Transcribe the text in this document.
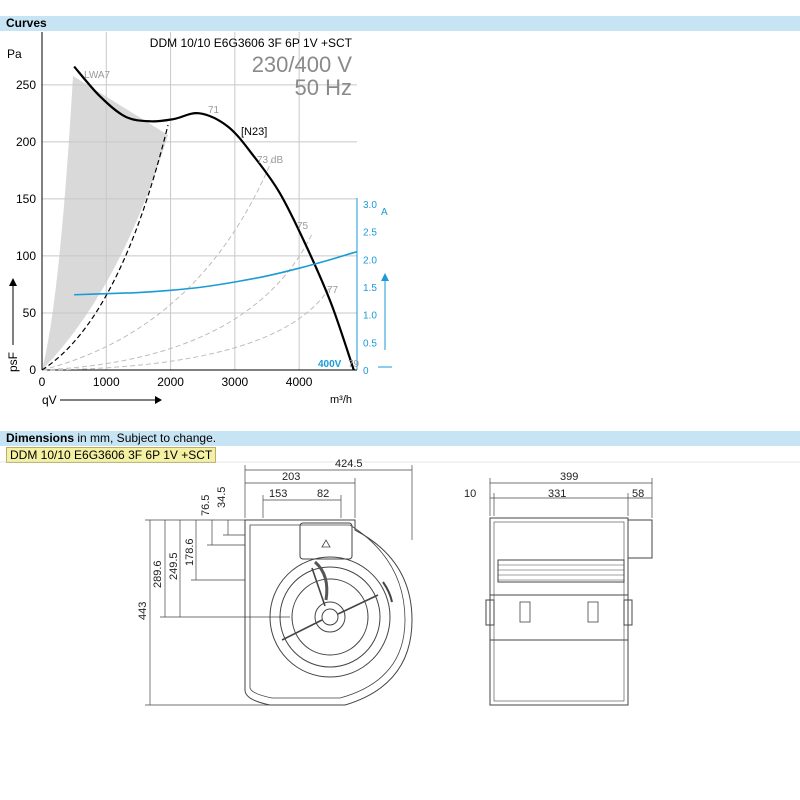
Curves
Dimensions in mm, Subject to change.
DDM 10/10 E6G3606 3F 6P 1V +SCT
0	1000	2000	3000	4000
0
50
100
150
200
250
0
0.5
1.0
1.5
2.0
2.5
3.0
Pa
qV	m³/h
psF
A
DDM 10/10 E6G3606 3F 6P 1V +SCT
230/400 V
50 Hz
[N23]
400V
LWA7
71
73 dB
75
77
79
424.5
203
153	82
76.5 34.5
443
289.6 249.5
178.6
399
10	331	58
